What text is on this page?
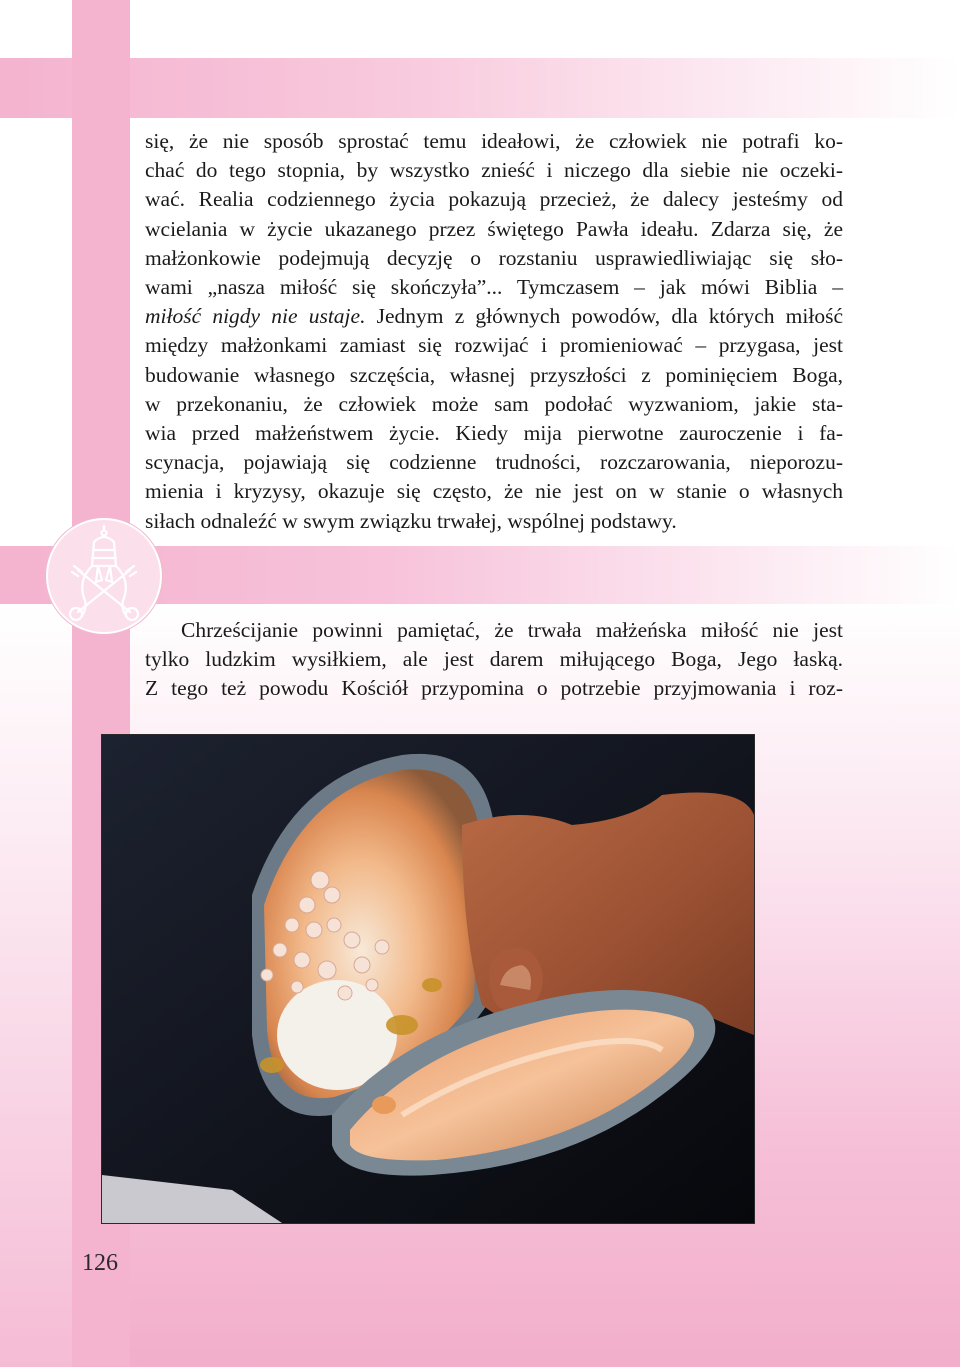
się, że nie sposób sprostać temu ideałowi, że człowiek nie potrafi ko-
chać do tego stopnia, by wszystko znieść i niczego dla siebie nie oczeki-
wać. Realia codziennego życia pokazują przecież, że dalecy jesteśmy od
wcielania w życie ukazanego przez świętego Pawła ideału. Zdarza się, że
małżonkowie podejmują decyzję o rozstaniu usprawiedliwiając się sło-
wami „nasza miłość się skończyła”... Tymczasem – jak mówi Biblia –
miłość nigdy nie ustaje. Jednym z głównych powodów, dla których miłość
między małżonkami zamiast się rozwijać i promieniować – przygasa, jest
budowanie własnego szczęścia, własnej przyszłości z pominięciem Boga,
w przekonaniu, że człowiek może sam podołać wyzwaniom, jakie sta-
wia przed małżeństwem życie. Kiedy mija pierwotne zauroczenie i fa-
scynacja, pojawiają się codzienne trudności, rozczarowania, nieporozu-
mienia i kryzysy, okazuje się często, że nie jest on w stanie o własnych
siłach odnaleźć w swym związku trwałej, wspólnej podstawy.
Chrześcijanie powinni pamiętać, że trwała małżeńska miłość nie jest
tylko ludzkim wysiłkiem, ale jest darem miłującego Boga, Jego łaską.
Z tego też powodu Kościół przypomina o potrzebie przyjmowania i roz-
126
